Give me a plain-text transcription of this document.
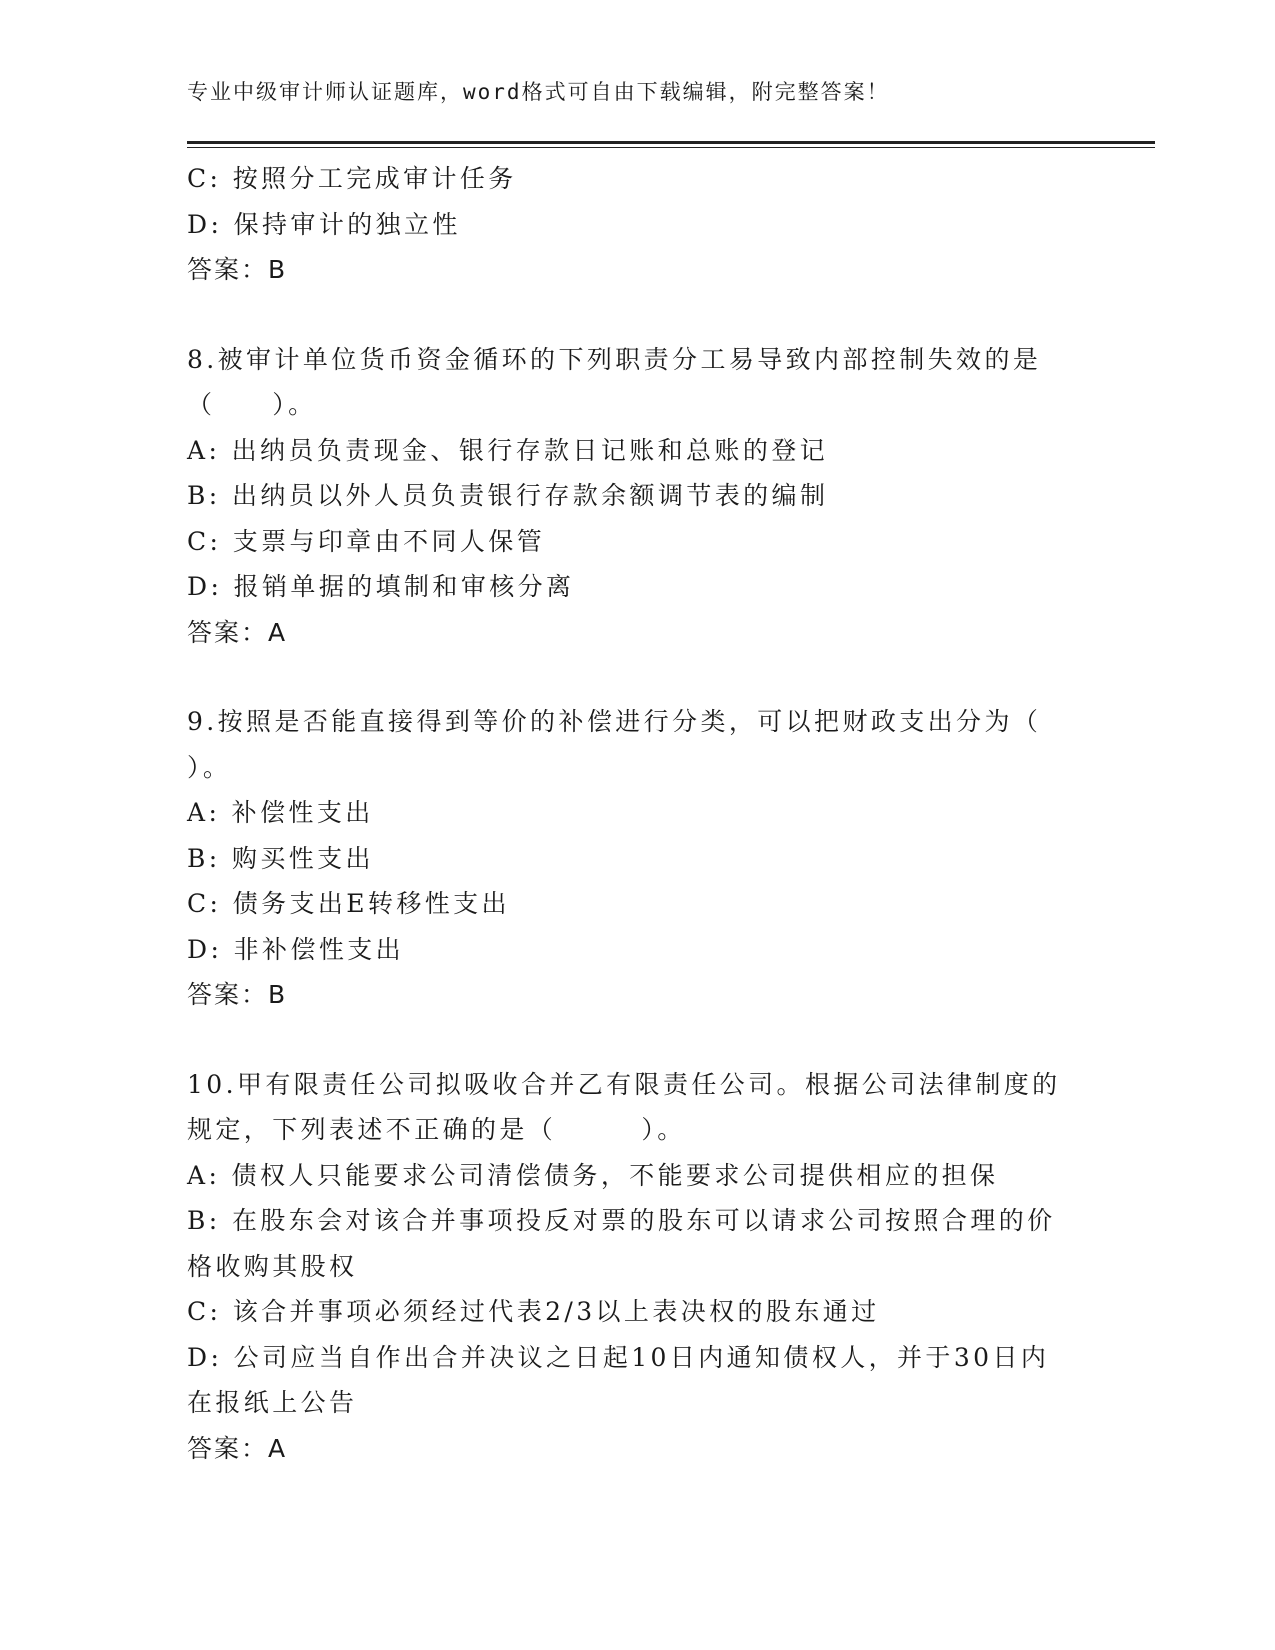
专业中级审计师认证题库，word格式可自由下载编辑，附完整答案！
C: 按照分工完成审计任务
D: 保持审计的独立性
答案：B
8.被审计单位货币资金循环的下列职责分工易导致内部控制失效的是
（　　）。
A: 出纳员负责现金、银行存款日记账和总账的登记
B: 出纳员以外人员负责银行存款余额调节表的编制
C: 支票与印章由不同人保管
D: 报销单据的填制和审核分离
答案：A
9.按照是否能直接得到等价的补偿进行分类，可以把财政支出分为（
）。
A: 补偿性支出
B: 购买性支出
C: 债务支出E转移性支出
D: 非补偿性支出
答案：B
10.甲有限责任公司拟吸收合并乙有限责任公司。根据公司法律制度的
规定，下列表述不正确的是（　　　）。
A: 债权人只能要求公司清偿债务，不能要求公司提供相应的担保
B: 在股东会对该合并事项投反对票的股东可以请求公司按照合理的价
格收购其股权
C: 该合并事项必须经过代表2/3以上表决权的股东通过
D: 公司应当自作出合并决议之日起10日内通知债权人，并于30日内
在报纸上公告
答案：A
